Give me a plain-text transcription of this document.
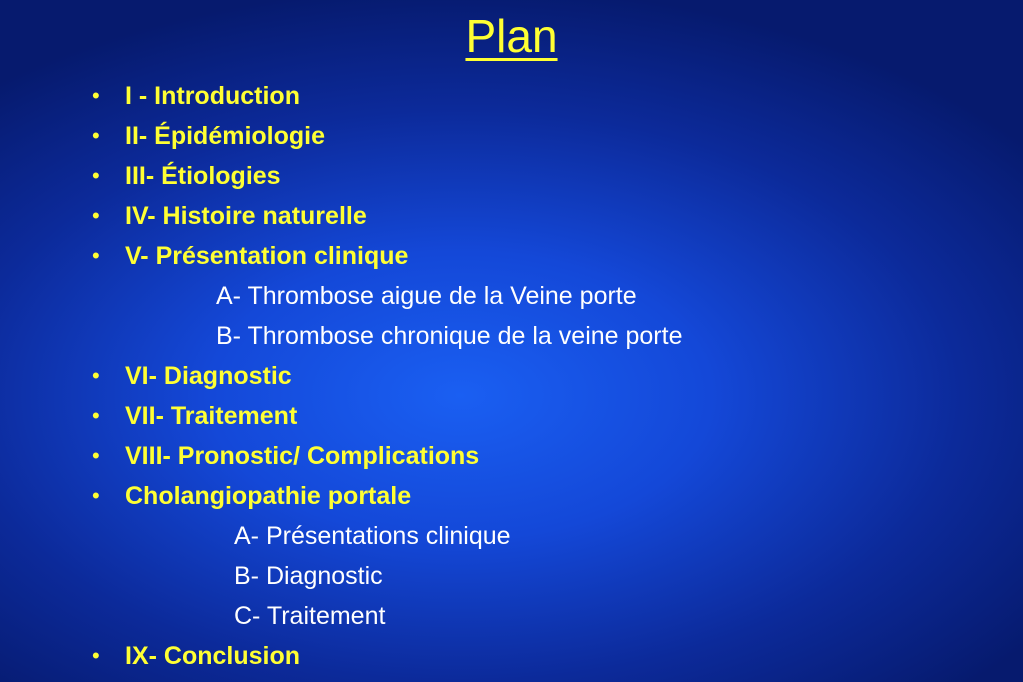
Plan
•	I - Introduction
•	II- Épidémiologie
•	III- Étiologies
•	IV- Histoire naturelle
•	V- Présentation clinique
A- Thrombose aigue de la Veine porte
B- Thrombose chronique de la veine porte
•	VI- Diagnostic
•	VII- Traitement
•	VIII- Pronostic/ Complications
•	Cholangiopathie portale
A- Présentations clinique
B- Diagnostic
C- Traitement
•	IX- Conclusion
